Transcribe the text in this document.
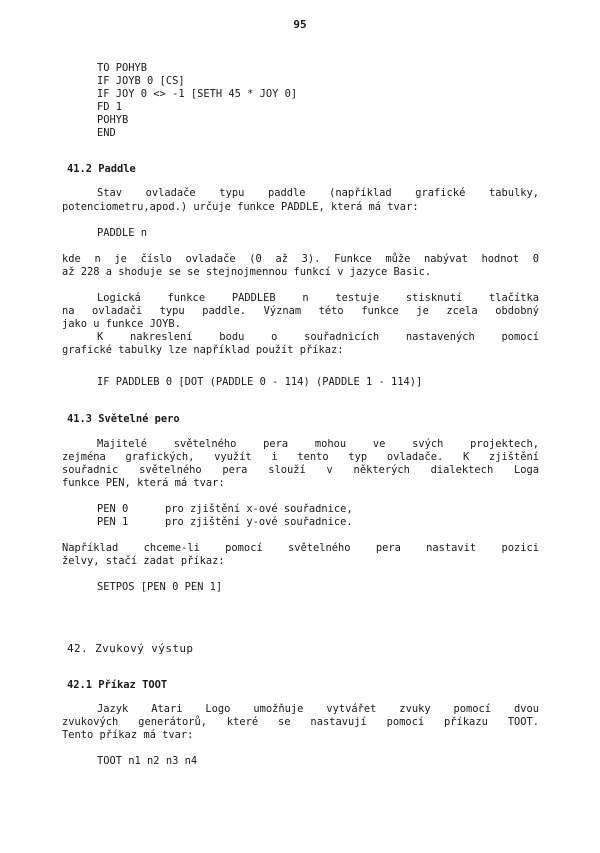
95
TO POHYB
IF JOYB 0 [CS]
IF JOY 0 <> -1 [SETH 45 * JOY 0]
FD 1
POHYB
END
41.2 Paddle
Stav ovladače typu paddle (například grafické tabulky,
potenciometru,apod.) určuje funkce PADDLE, která má tvar:
PADDLE n
kde n je číslo ovladače (0 až 3). Funkce může nabývat hodnot 0
až 228 a shoduje se se stejnojmennou funkcí v jazyce Basic.
Logická funkce PADDLEB n testuje stisknutí tlačítka
na ovladači typu paddle. Význam této funkce je zcela obdobný
jako u funkce JOYB.
K nakreslení bodu o souřadnicích nastavených pomocí
grafické tabulky lze například použít příkaz:
IF PADDLEB 0 [DOT (PADDLE 0 - 114) (PADDLE 1 - 114)]
41.3 Světelné pero
Majitelé světelného pera mohou ve svých projektech,
zejména grafických, využít i tento typ ovladače. K zjištění
souřadnic světelného pera slouží v některých dialektech Loga
funkce PEN, která má tvar:
PEN 0	pro zjištění x-ové souřadnice,
PEN 1	pro zjištění y-ové souřadnice.
Například chceme-li pomocí světelného pera nastavit pozici
želvy, stačí zadat příkaz:
SETPOS [PEN 0 PEN 1]
42. Zvukový výstup
42.1 Příkaz TOOT
Jazyk Atari Logo umožňuje vytvářet zvuky pomocí dvou
zvukových generátorů, které se nastavují pomocí příkazu TOOT.
Tento příkaz má tvar:
TOOT n1 n2 n3 n4
